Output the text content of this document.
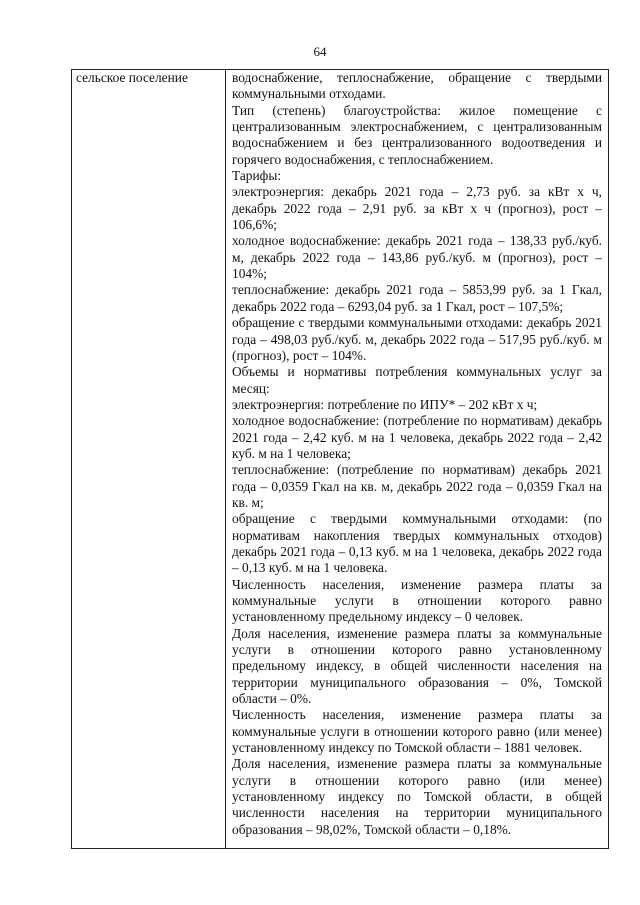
64
сельское поселение	водоснабжение, теплоснабжение, обращение с твердыми коммунальными отходами.

Тип (степень) благоустройства: жилое помещение с централизованным электроснабжением, с централизованным водоснабжением и без централизованного водоотведения и горячего водоснабжения, с теплоснабжением.

Тарифы:

электроэнергия: декабрь 2021 года – 2,73 руб. за кВт х ч, декабрь 2022 года – 2,91 руб. за кВт х ч (прогноз), рост – 106,6%;

холодное водоснабжение: декабрь 2021 года – 138,33 руб./куб. м, декабрь 2022 года – 143,86 руб./куб. м (прогноз), рост – 104%;

теплоснабжение: декабрь 2021 года – 5853,99 руб. за 1 Гкал, декабрь 2022 года – 6293,04 руб. за 1 Гкал, рост – 107,5%;

обращение с твердыми коммунальными отходами: декабрь 2021 года – 498,03 руб./куб. м, декабрь 2022 года – 517,95 руб./куб. м (прогноз), рост – 104%.

Объемы и нормативы потребления коммунальных услуг за месяц:

электроэнергия: потребление по ИПУ* – 202 кВт х ч;

холодное водоснабжение: (потребление по нормативам) декабрь 2021 года – 2,42 куб. м на 1 человека, декабрь 2022 года – 2,42 куб. м на 1 человека;

теплоснабжение: (потребление по нормативам) декабрь 2021 года – 0,0359 Гкал на кв. м, декабрь 2022 года – 0,0359 Гкал на кв. м;

обращение с твердыми коммунальными отходами: (по нормативам накопления твердых коммунальных отходов) декабрь 2021 года – 0,13 куб. м на 1 человека, декабрь 2022 года – 0,13 куб. м на 1 человека.

Численность населения, изменение размера платы за коммунальные услуги в отношении которого равно установленному предельному индексу – 0 человек.

Доля населения, изменение размера платы за коммунальные услуги в отношении которого равно установленному предельному индексу, в общей численности населения на территории муниципального образования – 0%, Томской области – 0%.

Численность населения, изменение размера платы за коммунальные услуги в отношении которого равно (или менее) установленному индексу по Томской области – 1881 человек.

Доля населения, изменение размера платы за коммунальные услуги в отношении которого равно (или менее) установленному индексу по Томской области, в общей численности населения на территории муниципального образования – 98,02%, Томской области – 0,18%.
